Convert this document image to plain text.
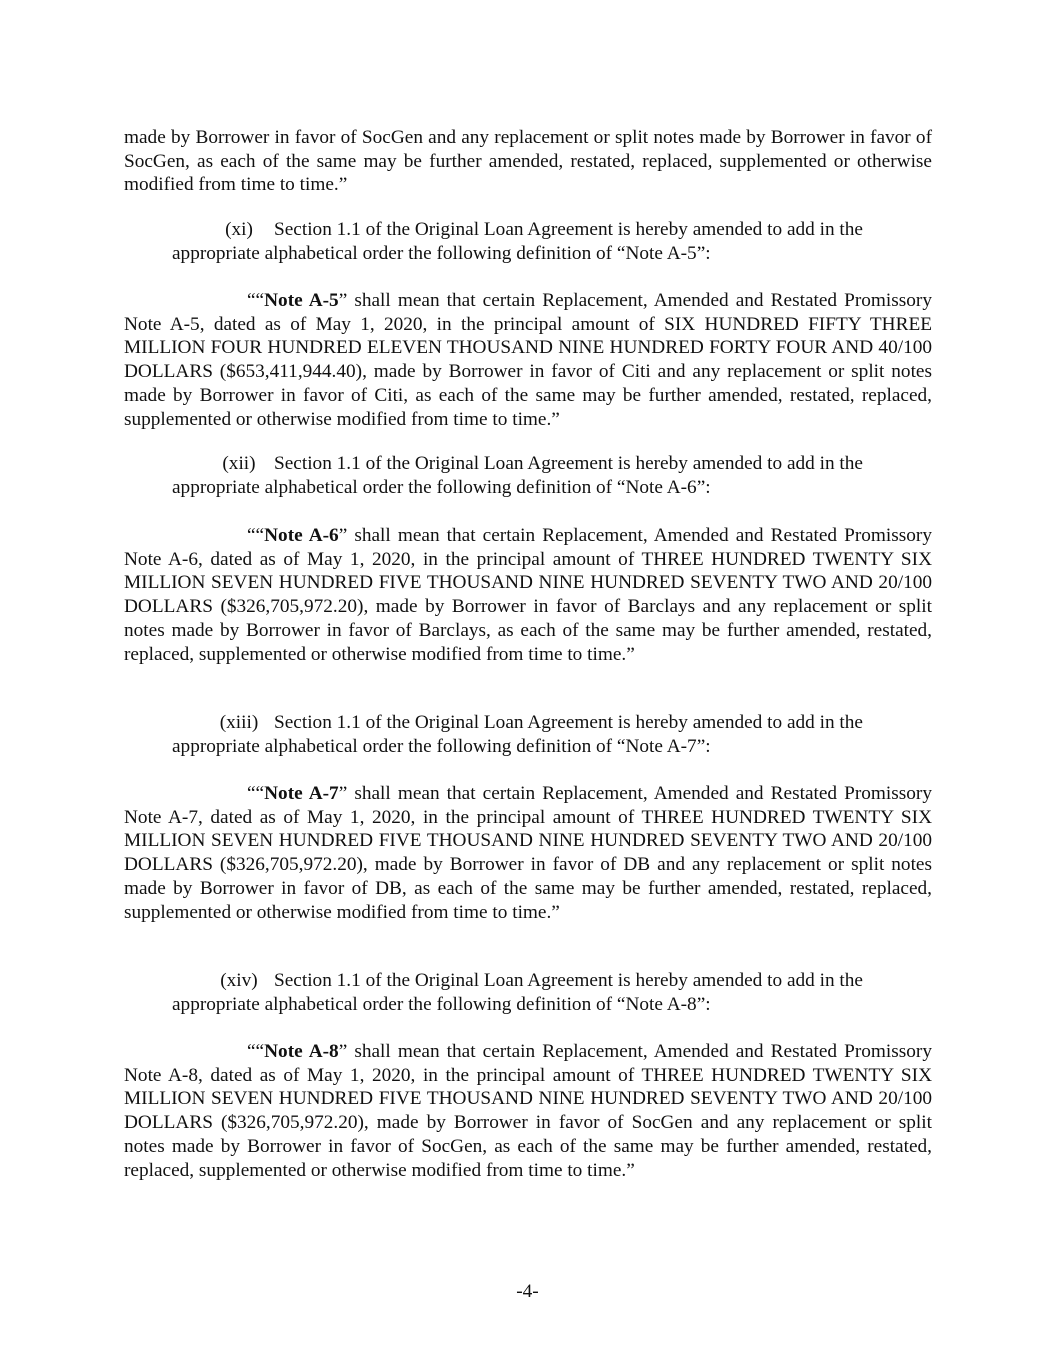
made by Borrower in favor of SocGen and any replacement or split notes made by Borrower in favor of SocGen, as each of the same may be further amended, restated, replaced, supplemented or otherwise modified from time to time.”

(xi) Section 1.1 of the Original Loan Agreement is hereby amended to add in the
appropriate alphabetical order the following definition of “Note A-5”:

““Note A-5” shall mean that certain Replacement, Amended and Restated Promissory Note A-5, dated as of May 1, 2020, in the principal amount of SIX HUNDRED FIFTY THREE MILLION FOUR HUNDRED ELEVEN THOUSAND NINE HUNDRED FORTY FOUR AND 40/100 DOLLARS ($653,411,944.40), made by Borrower in favor of Citi and any replacement or split notes made by Borrower in favor of Citi, as each of the same may be further amended, restated, replaced, supplemented or otherwise modified from time to time.”

(xii) Section 1.1 of the Original Loan Agreement is hereby amended to add in the
appropriate alphabetical order the following definition of “Note A-6”:

““Note A-6” shall mean that certain Replacement, Amended and Restated Promissory Note A-6, dated as of May 1, 2020, in the principal amount of THREE HUNDRED TWENTY SIX MILLION SEVEN HUNDRED FIVE THOUSAND NINE HUNDRED SEVENTY TWO AND 20/100 DOLLARS ($326,705,972.20), made by Borrower in favor of Barclays and any replacement or split notes made by Borrower in favor of Barclays, as each of the same may be further amended, restated, replaced, supplemented or otherwise modified from time to time.”

(xiii) Section 1.1 of the Original Loan Agreement is hereby amended to add in the
appropriate alphabetical order the following definition of “Note A-7”:

““Note A-7” shall mean that certain Replacement, Amended and Restated Promissory Note A-7, dated as of May 1, 2020, in the principal amount of THREE HUNDRED TWENTY SIX MILLION SEVEN HUNDRED FIVE THOUSAND NINE HUNDRED SEVENTY TWO AND 20/100 DOLLARS ($326,705,972.20), made by Borrower in favor of DB and any replacement or split notes made by Borrower in favor of DB, as each of the same may be further amended, restated, replaced, supplemented or otherwise modified from time to time.”

(xiv) Section 1.1 of the Original Loan Agreement is hereby amended to add in the
appropriate alphabetical order the following definition of “Note A-8”:

““Note A-8” shall mean that certain Replacement, Amended and Restated Promissory Note A-8, dated as of May 1, 2020, in the principal amount of THREE HUNDRED TWENTY SIX MILLION SEVEN HUNDRED FIVE THOUSAND NINE HUNDRED SEVENTY TWO AND 20/100 DOLLARS ($326,705,972.20), made by Borrower in favor of SocGen and any replacement or split notes made by Borrower in favor of SocGen, as each of the same may be further amended, restated, replaced, supplemented or otherwise modified from time to time.”

-4-
